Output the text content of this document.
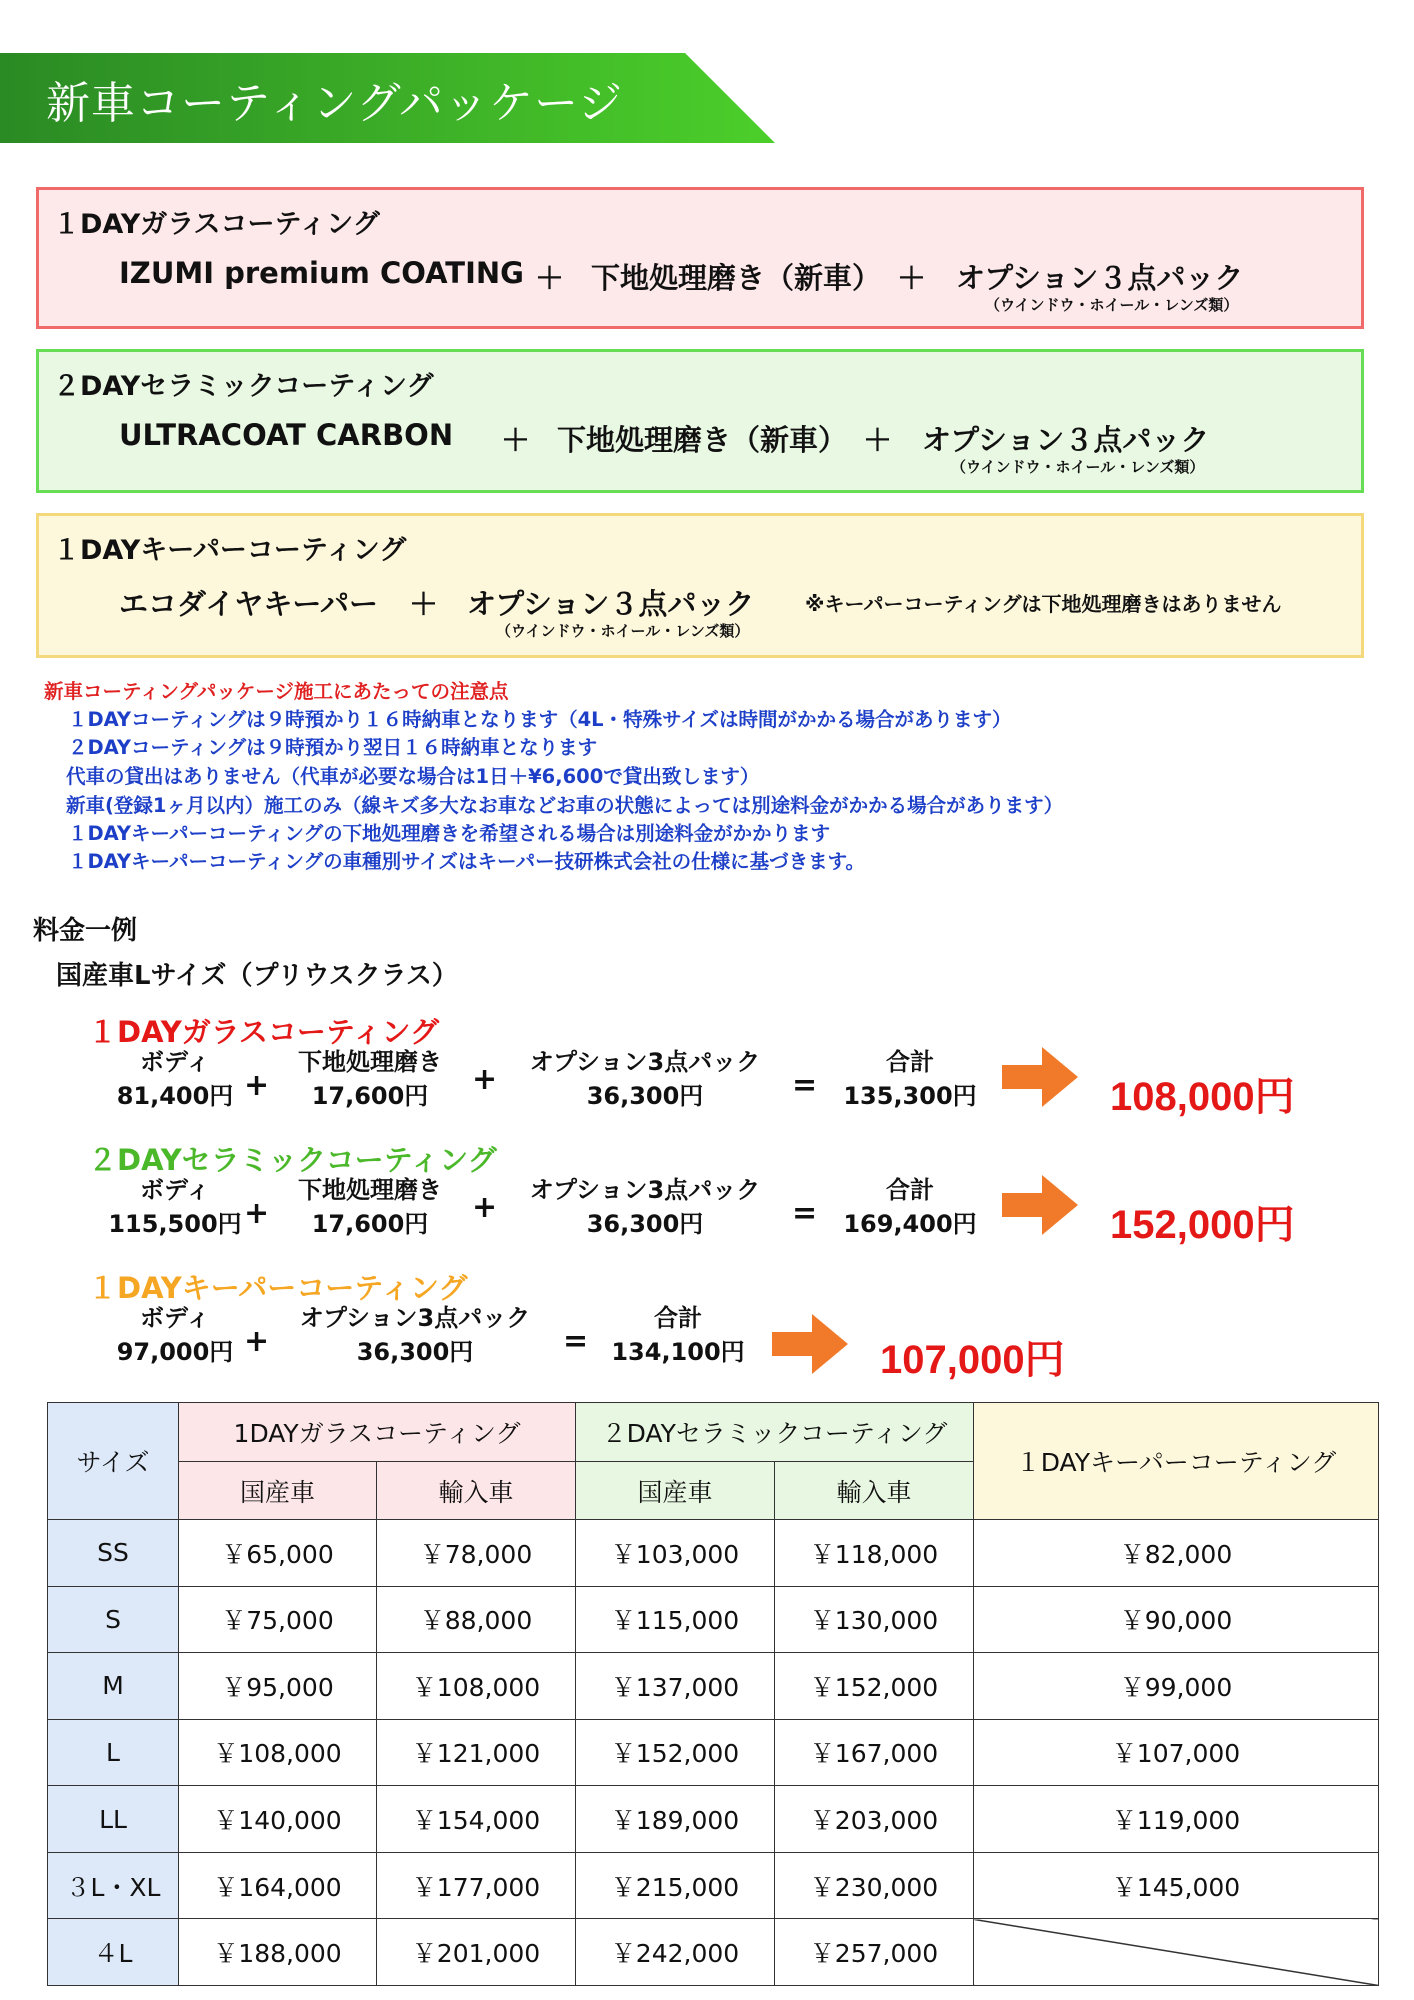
新車コーティングパッケージ
１DAYガラスコーティング
IZUMI premium COATING ＋ 下地処理磨き（新車） ＋ オプション３点パック
（ウインドウ・ホイール・レンズ類）
２DAYセラミックコーティング
ULTRACOAT CARBON ＋ 下地処理磨き（新車） ＋ オプション３点パック
（ウインドウ・ホイール・レンズ類）
１DAYキーパーコーティング
エコダイヤキーパー ＋ オプション３点パック
（ウインドウ・ホイール・レンズ類）
※キーパーコーティングは下地処理磨きはありません
新車コーティングパッケージ施工にあたっての注意点
１DAYコーティングは９時預かり１６時納車となります（4L・特殊サイズは時間がかかる場合があります）
２DAYコーティングは９時預かり翌日１６時納車となります
代車の貸出はありません（代車が必要な場合は1日＋¥6,600で貸出致します）
新車(登録1ヶ月以内）施工のみ（線キズ多大なお車などお車の状態によっては別途料金がかかる場合があります）
１DAYキーパーコーティングの下地処理磨きを希望される場合は別途料金がかかります
１DAYキーパーコーティングの車種別サイズはキーパー技研株式会社の仕様に基づきます。
料金一例
国産車Lサイズ（プリウスクラス）
１DAYガラスコーティング
ボディ
81,400円 +
下地処理磨き
17,600円	+	オプション3点パック
36,300円	=
合計
135,300円	108,000円
２DAYセラミックコーティング
ボディ
115,500円 +
下地処理磨き
17,600円	+	オプション3点パック
36,300円	=
合計
169,400円	152,000円
１DAYキーパーコーティング
ボディ
97,000円 +
オプション3点パック
36,300円	=
合計
134,100円	107,000円
サイズ	1DAYガラスコーティング		２DAYセラミックコーティング		１DAYキーパーコーティング
	国産車	輸入車	国産車	輸入車	
SS	￥65,000	￥78,000	￥103,000	￥118,000	￥82,000
S	￥75,000	￥88,000	￥115,000	￥130,000	￥90,000
M	￥95,000	￥108,000	￥137,000	￥152,000	￥99,000
L	￥108,000	￥121,000	￥152,000	￥167,000	￥107,000
LL	￥140,000	￥154,000	￥189,000	￥203,000	￥119,000
３L・XL	￥164,000	￥177,000	￥215,000	￥230,000	￥145,000
４L	￥188,000	￥201,000	￥242,000	￥257,000	
